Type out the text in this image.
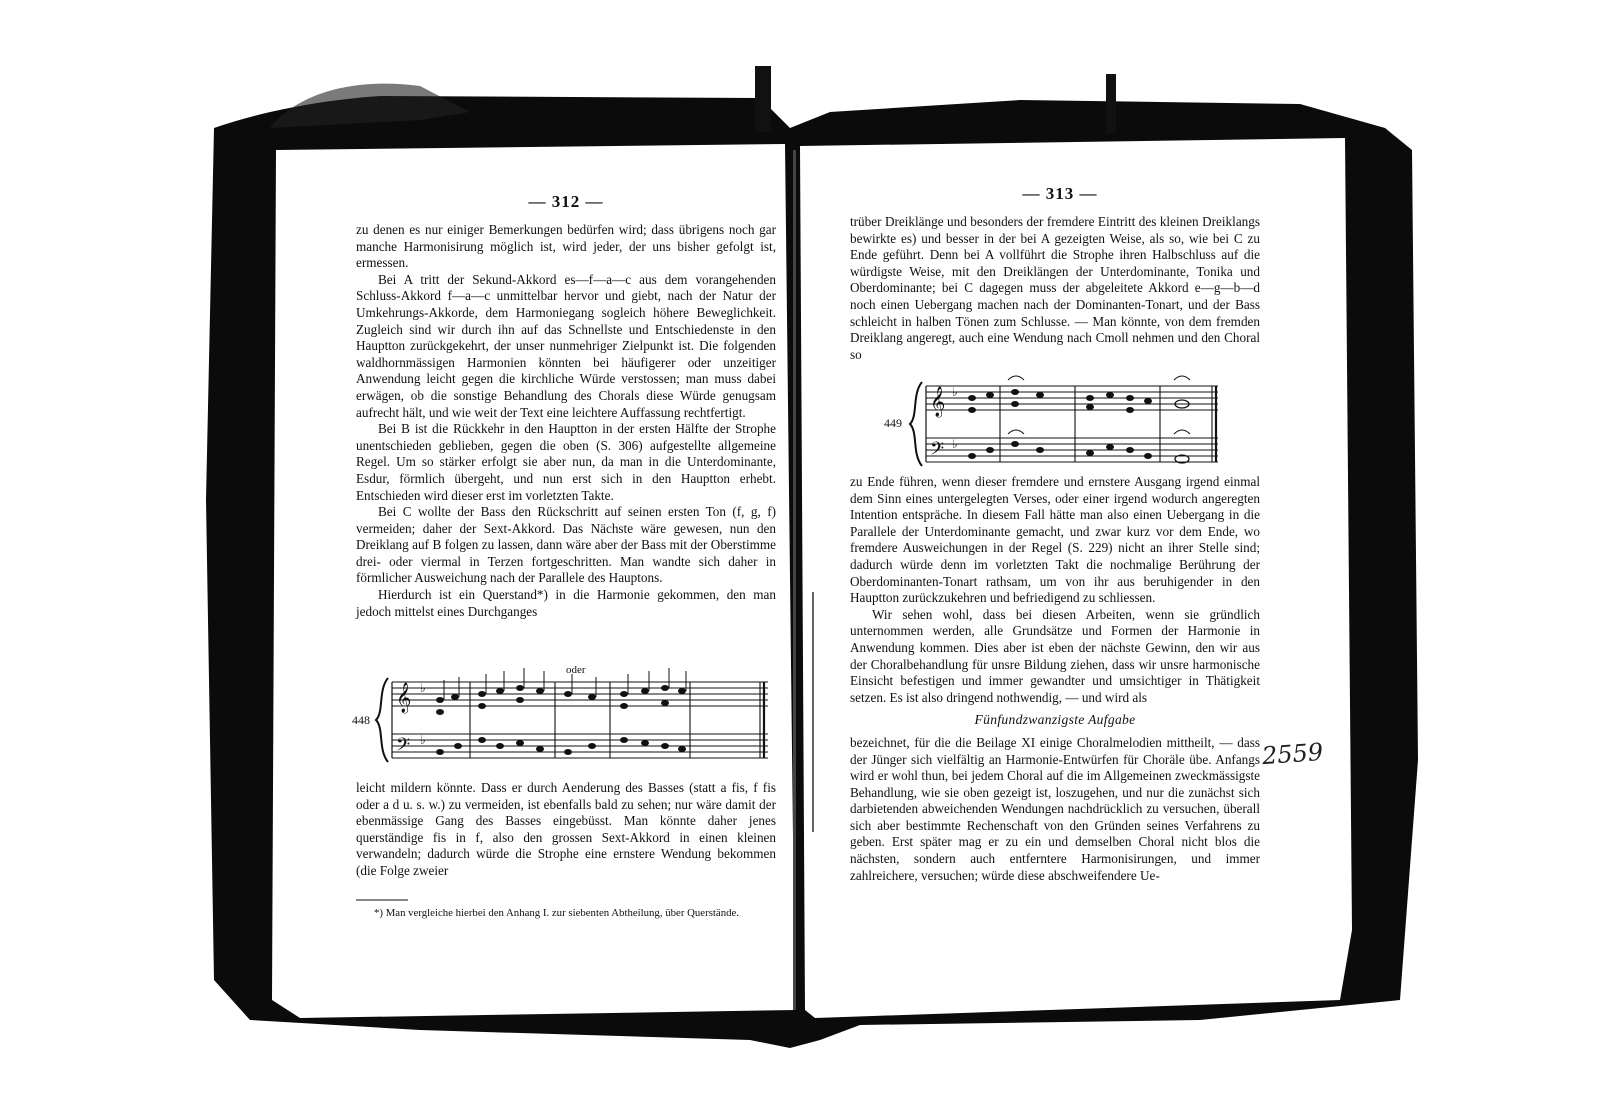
𝄞
𝄢
♭
♭
𝄞
𝄢
♭
♭
— 312 —

zu denen es nur einiger Bemerkungen bedürfen wird; dass übrigens noch gar manche Harmonisirung möglich ist, wird jeder, der uns bisher gefolgt ist, ermessen.

Bei A tritt der Sekund-Akkord es—f—a—c aus dem vorangehenden Schluss-Akkord f—a—c unmittelbar hervor und giebt, nach der Natur der Umkehrungs-Akkorde, dem Harmoniegang sogleich höhere Beweglichkeit. Zugleich sind wir durch ihn auf das Schnellste und Entschiedenste in den Hauptton zurückgekehrt, der unser nunmehriger Zielpunkt ist. Die folgenden waldhornmässigen Harmonien könnten bei häufigerer oder unzeitiger Anwendung leicht gegen die kirchliche Würde verstossen; man muss dabei erwägen, ob die sonstige Behandlung des Chorals diese Würde genugsam aufrecht hält, und wie weit der Text eine leichtere Auffassung rechtfertigt.

Bei B ist die Rückkehr in den Hauptton in der ersten Hälfte der Strophe unentschieden geblieben, gegen die oben (S. 306) aufgestellte allgemeine Regel. Um so stärker erfolgt sie aber nun, da man in die Unterdominante, Esdur, förmlich übergeht, und nun erst sich in den Hauptton erhebt. Entschieden wird dieser erst im vorletzten Takte.

Bei C wollte der Bass den Rückschritt auf seinen ersten Ton (f, g, f) vermeiden; daher der Sext-Akkord. Das Nächste wäre gewesen, nun den Dreiklang auf B folgen zu lassen, dann wäre aber der Bass mit der Oberstimme drei- oder viermal in Terzen fortgeschritten. Man wandte sich daher in förmlicher Ausweichung nach der Parallele des Hauptons.

Hierdurch ist ein Querstand*) in die Harmonie gekommen, den man jedoch mittelst eines Durchganges

448
oder

leicht mildern könnte. Dass er durch Aenderung des Basses (statt a fis, f fis oder a d u. s. w.) zu vermeiden, ist ebenfalls bald zu sehen; nur wäre damit der ebenmässige Gang des Basses eingebüsst. Man könnte daher jenes querständige fis in f, also den grossen Sext-Akkord in einen kleinen verwandeln; dadurch würde die Strophe eine ernstere Wendung bekommen (die Folge zweier

*) Man vergleiche hierbei den Anhang I. zur siebenten Abtheilung, über Querstände.
— 313 —

trüber Dreiklänge und besonders der fremdere Eintritt des kleinen Dreiklangs bewirkte es) und besser in der bei A gezeigten Weise, als so, wie bei C zu Ende geführt. Denn bei A vollführt die Strophe ihren Halbschluss auf die würdigste Weise, mit den Dreiklängen der Unterdominante, Tonika und Oberdominante; bei C dagegen muss der abgeleitete Akkord e—g—b—d noch einen Uebergang machen nach der Dominanten-Tonart, und der Bass schleicht in halben Tönen zum Schlusse. — Man könnte, von dem fremden Dreiklang angeregt, auch eine Wendung nach Cmoll nehmen und den Choral so

449

zu Ende führen, wenn dieser fremdere und ernstere Ausgang irgend einmal dem Sinn eines untergelegten Verses, oder einer irgend wodurch angeregten Intention entspräche. In diesem Fall hätte man also einen Uebergang in die Parallele der Unterdominante gemacht, und zwar kurz vor dem Ende, wo fremdere Ausweichungen in der Regel (S. 229) nicht an ihrer Stelle sind; dadurch würde denn im vorletzten Takt die nochmalige Berührung der Oberdominanten-Tonart rathsam, um von ihr aus beruhigender in den Hauptton zurückzukehren und befriedigend zu schliessen.

Wir sehen wohl, dass bei diesen Arbeiten, wenn sie gründlich unternommen werden, alle Grundsätze und Formen der Harmonie in Anwendung kommen. Dies aber ist eben der nächste Gewinn, den wir aus der Choralbehandlung für unsre Bildung ziehen, dass wir unsre harmonische Einsicht befestigen und immer gewandter und umsichtiger in Thätigkeit setzen. Es ist also dringend nothwendig, — und wird als

Fünfundzwanzigste Aufgabe

bezeichnet, für die die Beilage XI einige Choralmelodien mittheilt, — dass der Jünger sich vielfältig an Harmonie-Entwürfen für Choräle übe. Anfangs wird er wohl thun, bei jedem Choral auf die im Allgemeinen zweckmässigste Behandlung, wie sie oben gezeigt ist, loszugehen, und nur die zunächst sich darbietenden abweichenden Wendungen nachdrücklich zu versuchen, überall sich aber bestimmte Rechenschaft von den Gründen seines Verfahrens zu geben. Erst später mag er zu ein und demselben Choral nicht blos die nächsten, sondern auch entferntere Harmonisirungen, und immer zahlreichere, versuchen; würde diese abschweifendere Ue-

2559
